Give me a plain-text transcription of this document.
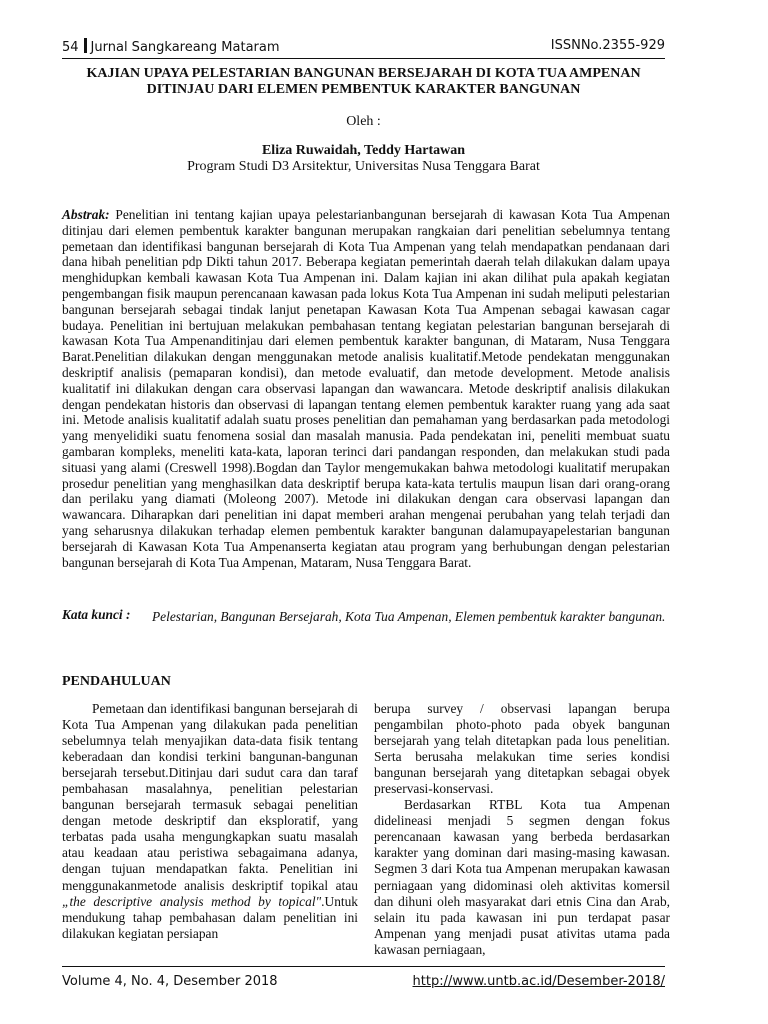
54 Jurnal Sangkareang Mataram	ISSNNo.2355-929
KAJIAN UPAYA PELESTARIAN BANGUNAN BERSEJARAH DI KOTA TUA AMPENAN
DITINJAU DARI ELEMEN PEMBENTUK KARAKTER BANGUNAN
Oleh :
Eliza Ruwaidah, Teddy Hartawan
Program Studi D3 Arsitektur, Universitas Nusa Tenggara Barat

Abstrak: Penelitian ini tentang kajian upaya pelestarianbangunan bersejarah di kawasan Kota Tua Ampenan ditinjau dari elemen pembentuk karakter bangunan merupakan rangkaian dari penelitian sebelumnya tentang pemetaan dan identifikasi bangunan bersejarah di Kota Tua Ampenan yang telah mendapatkan pendanaan dari dana hibah penelitian pdp Dikti tahun 2017. Beberapa kegiatan pemerintah daerah telah dilakukan dalam upaya menghidupkan kembali kawasan Kota Tua Ampenan ini. Dalam kajian ini akan dilihat pula apakah kegiatan pengembangan fisik maupun perencanaan kawasan pada lokus Kota Tua Ampenan ini sudah meliputi pelestarian bangunan bersejarah sebagai tindak lanjut penetapan Kawasan Kota Tua Ampenan sebagai kawasan cagar budaya. Penelitian ini bertujuan melakukan pembahasan tentang kegiatan pelestarian bangunan bersejarah di kawasan Kota Tua Ampenanditinjau dari elemen pembentuk karakter bangunan, di Mataram, Nusa Tenggara Barat.Penelitian dilakukan dengan menggunakan metode analisis kualitatif.Metode pendekatan menggunakan deskriptif analisis (pemaparan kondisi), dan metode evaluatif, dan metode development. Metode analisis kualitatif ini dilakukan dengan cara observasi lapangan dan wawancara. Metode deskriptif analisis dilakukan dengan pendekatan historis dan observasi di lapangan tentang elemen pembentuk karakter ruang yang ada saat ini. Metode analisis kualitatif adalah suatu proses penelitian dan pemahaman yang berdasarkan pada metodologi yang menyelidiki suatu fenomena sosial dan masalah manusia. Pada pendekatan ini, peneliti membuat suatu gambaran kompleks, meneliti kata-kata, laporan terinci dari pandangan responden, dan melakukan studi pada situasi yang alami (Creswell 1998).Bogdan dan Taylor mengemukakan bahwa metodologi kualitatif merupakan prosedur penelitian yang menghasilkan data deskriptif berupa kata-kata tertulis maupun lisan dari orang-orang dan perilaku yang diamati (Moleong 2007). Metode ini dilakukan dengan cara observasi lapangan dan wawancara. Diharapkan dari penelitian ini dapat memberi arahan mengenai perubahan yang telah terjadi dan yang seharusnya dilakukan terhadap elemen pembentuk karakter bangunan dalamupayapelestarian bangunan bersejarah di Kawasan Kota Tua Ampenanserta kegiatan atau program yang berhubungan dengan pelestarian bangunan bersejarah di Kota Tua Ampenan, Mataram, Nusa Tenggara Barat.

Kata kunci : Pelestarian, Bangunan Bersejarah, Kota Tua Ampenan, Elemen pembentuk karakter bangunan.
PENDAHULUAN

Pemetaan dan identifikasi bangunan bersejarah di Kota Tua Ampenan yang dilakukan pada penelitian sebelumnya telah menyajikan data-data fisik tentang keberadaan dan kondisi terkini bangunan-bangunan bersejarah tersebut.Ditinjau dari sudut cara dan taraf pembahasan masalahnya, penelitian pelestarian bangunan bersejarah termasuk sebagai penelitian dengan metode deskriptif dan eksploratif, yang terbatas pada usaha mengungkapkan suatu masalah atau keadaan atau peristiwa sebagaimana adanya, dengan tujuan mendapatkan fakta. Penelitian ini menggunakanmetode analisis deskriptif topikal atau „the descriptive analysis method by topical".Untuk mendukung tahap pembahasan dalam penelitian ini dilakukan kegiatan persiapan

berupa survey / observasi lapangan berupa pengambilan photo-photo pada obyek bangunan bersejarah yang telah ditetapkan pada lous penelitian. Serta berusaha melakukan time series kondisi bangunan bersejarah yang ditetapkan sebagai obyek preservasi-konservasi.

Berdasarkan RTBL Kota tua Ampenan didelineasi menjadi 5 segmen dengan fokus perencanaan kawasan yang berbeda berdasarkan karakter yang dominan dari masing-masing kawasan. Segmen 3 dari Kota tua Ampenan merupakan kawasan perniagaan yang didominasi oleh aktivitas komersil dan dihuni oleh masyarakat dari etnis Cina dan Arab, selain itu pada kawasan ini pun terdapat pasar Ampenan yang menjadi pusat ativitas utama pada kawasan perniagaan,

Volume 4, No. 4, Desember 2018	http://www.untb.ac.id/Desember-2018/
